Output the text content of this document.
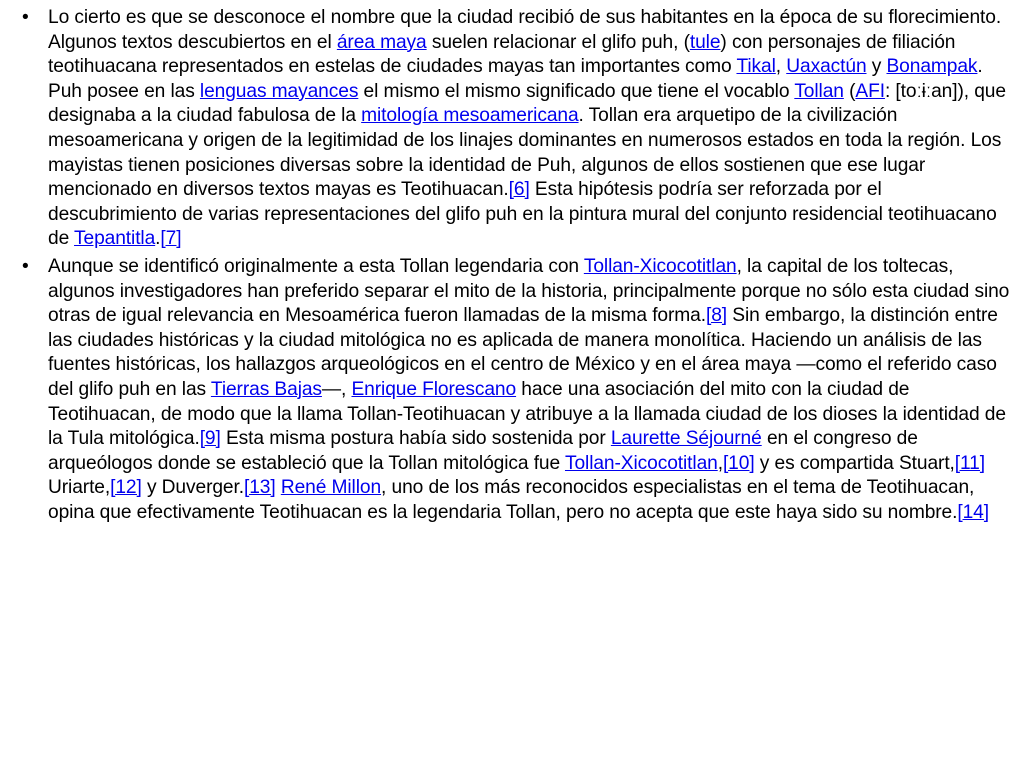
• Lo cierto es que se desconoce el nombre que la ciudad recibió de sus habitantes en la época de su florecimiento. Algunos textos descubiertos en el área maya suelen relacionar el glifo puh, (tule) con personajes de filiación teotihuacana representados en estelas de ciudades mayas tan importantes como Tikal, Uaxactún y Bonampak. Puh posee en las lenguas mayances el mismo el mismo significado que tiene el vocablo Tollan (AFI: [toːɨːan]), que designaba a la ciudad fabulosa de la mitología mesoamericana. Tollan era arquetipo de la civilización mesoamericana y origen de la legitimidad de los linajes dominantes en numerosos estados en toda la región. Los mayistas tienen posiciones diversas sobre la identidad de Puh, algunos de ellos sostienen que ese lugar mencionado en diversos textos mayas es Teotihuacan.[6] Esta hipótesis podría ser reforzada por el descubrimiento de varias representaciones del glifo puh en la pintura mural del conjunto residencial teotihuacano de Tepantitla.[7]
• Aunque se identificó originalmente a esta Tollan legendaria con Tollan-Xicocotitlan, la capital de los toltecas, algunos investigadores han preferido separar el mito de la historia, principalmente porque no sólo esta ciudad sino otras de igual relevancia en Mesoamérica fueron llamadas de la misma forma.[8] Sin embargo, la distinción entre las ciudades históricas y la ciudad mitológica no es aplicada de manera monolítica. Haciendo un análisis de las fuentes históricas, los hallazgos arqueológicos en el centro de México y en el área maya —como el referido caso del glifo puh en las Tierras Bajas—, Enrique Florescano hace una asociación del mito con la ciudad de Teotihuacan, de modo que la llama Tollan-Teotihuacan y atribuye a la llamada ciudad de los dioses la identidad de la Tula mitológica.[9] Esta misma postura había sido sostenida por Laurette Séjourné en el congreso de arqueólogos donde se estableció que la Tollan mitológica fue Tollan-Xicocotitlan,[10] y es compartida Stuart,[11] Uriarte,[12] y Duverger.[13] René Millon, uno de los más reconocidos especialistas en el tema de Teotihuacan, opina que efectivamente Teotihuacan es la legendaria Tollan, pero no acepta que este haya sido su nombre.[14]
